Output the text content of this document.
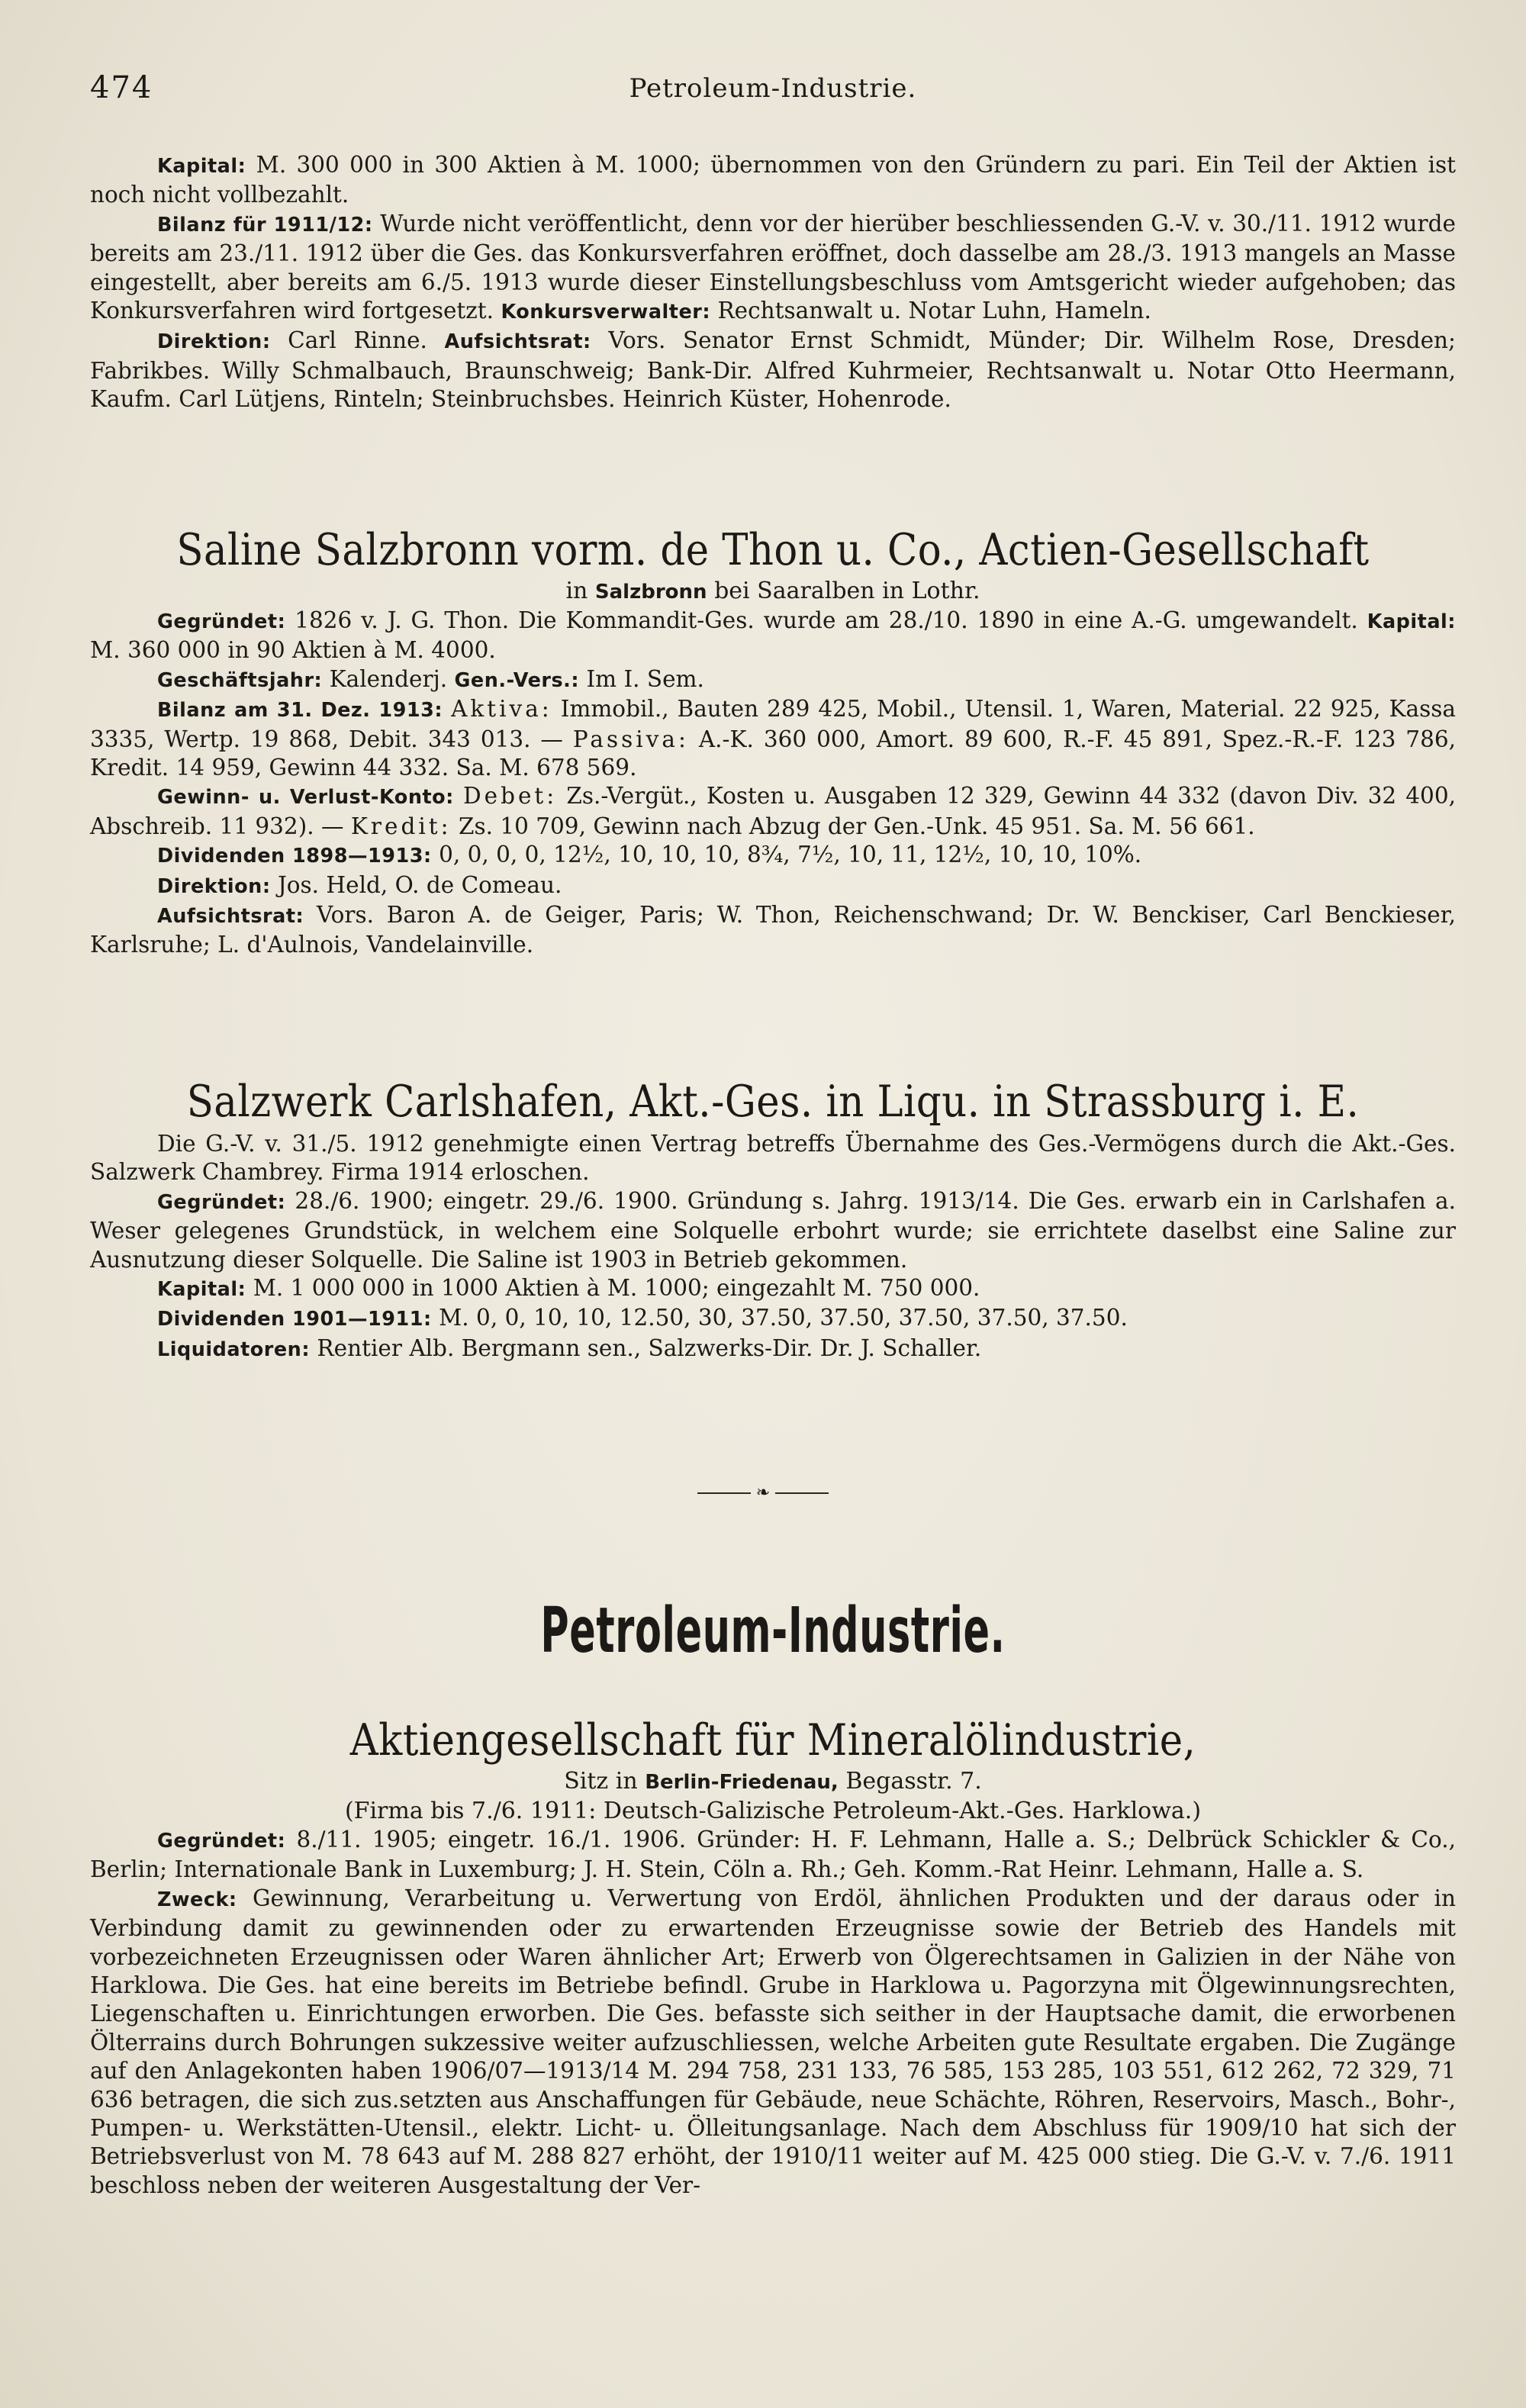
474	Petroleum-Industrie.

Kapital: M. 300 000 in 300 Aktien à M. 1000; übernommen von den Gründern zu pari. Ein Teil der Aktien ist noch nicht vollbezahlt.

Bilanz für 1911/12: Wurde nicht veröffentlicht, denn vor der hierüber beschliessenden G.-V. v. 30./11. 1912 wurde bereits am 23./11. 1912 über die Ges. das Konkursverfahren eröffnet, doch dasselbe am 28./3. 1913 mangels an Masse eingestellt, aber bereits am 6./5. 1913 wurde dieser Einstellungsbeschluss vom Amtsgericht wieder aufgehoben; das Konkursverfahren wird fortgesetzt. Konkursverwalter: Rechtsanwalt u. Notar Luhn, Hameln.

Direktion: Carl Rinne. Aufsichtsrat: Vors. Senator Ernst Schmidt, Münder; Dir. Wilhelm Rose, Dresden; Fabrikbes. Willy Schmalbauch, Braunschweig; Bank-Dir. Alfred Kuhrmeier, Rechtsanwalt u. Notar Otto Heermann, Kaufm. Carl Lütjens, Rinteln; Steinbruchsbes. Heinrich Küster, Hohenrode.

Saline Salzbronn vorm. de Thon u. Co., Actien-Gesellschaft

in Salzbronn bei Saaralben in Lothr.

Gegründet: 1826 v. J. G. Thon. Die Kommandit-Ges. wurde am 28./10. 1890 in eine A.-G. umgewandelt. Kapital: M. 360 000 in 90 Aktien à M. 4000.

Geschäftsjahr: Kalenderj. Gen.-Vers.: Im I. Sem.

Bilanz am 31. Dez. 1913: Aktiva: Immobil., Bauten 289 425, Mobil., Utensil. 1, Waren, Material. 22 925, Kassa 3335, Wertp. 19 868, Debit. 343 013. — Passiva: A.-K. 360 000, Amort. 89 600, R.-F. 45 891, Spez.-R.-F. 123 786, Kredit. 14 959, Gewinn 44 332. Sa. M. 678 569.

Gewinn- u. Verlust-Konto: Debet: Zs.-Vergüt., Kosten u. Ausgaben 12 329, Gewinn 44 332 (davon Div. 32 400, Abschreib. 11 932). — Kredit: Zs. 10 709, Gewinn nach Abzug der Gen.-Unk. 45 951. Sa. M. 56 661.

Dividenden 1898—1913: 0, 0, 0, 0, 12½, 10, 10, 10, 8¾, 7½, 10, 11, 12½, 10, 10, 10%.

Direktion: Jos. Held, O. de Comeau.

Aufsichtsrat: Vors. Baron A. de Geiger, Paris; W. Thon, Reichenschwand; Dr. W. Benckiser, Carl Benckieser, Karlsruhe; L. d'Aulnois, Vandelainville.

Salzwerk Carlshafen, Akt.-Ges. in Liqu. in Strassburg i. E.

Die G.-V. v. 31./5. 1912 genehmigte einen Vertrag betreffs Übernahme des Ges.-Vermögens durch die Akt.-Ges. Salzwerk Chambrey. Firma 1914 erloschen.

Gegründet: 28./6. 1900; eingetr. 29./6. 1900. Gründung s. Jahrg. 1913/14. Die Ges. erwarb ein in Carlshafen a. Weser gelegenes Grundstück, in welchem eine Solquelle erbohrt wurde; sie errichtete daselbst eine Saline zur Ausnutzung dieser Solquelle. Die Saline ist 1903 in Betrieb gekommen.

Kapital: M. 1 000 000 in 1000 Aktien à M. 1000; eingezahlt M. 750 000.

Dividenden 1901—1911: M. 0, 0, 10, 10, 12.50, 30, 37.50, 37.50, 37.50, 37.50, 37.50.

Liquidatoren: Rentier Alb. Bergmann sen., Salzwerks-Dir. Dr. J. Schaller.

❧
Petroleum-Industrie.
Aktiengesellschaft für Mineralölindustrie,

Sitz in Berlin-Friedenau, Begasstr. 7.

(Firma bis 7./6. 1911: Deutsch-Galizische Petroleum-Akt.-Ges. Harklowa.)

Gegründet: 8./11. 1905; eingetr. 16./1. 1906. Gründer: H. F. Lehmann, Halle a. S.; Delbrück Schickler & Co., Berlin; Internationale Bank in Luxemburg; J. H. Stein, Cöln a. Rh.; Geh. Komm.-Rat Heinr. Lehmann, Halle a. S.

Zweck: Gewinnung, Verarbeitung u. Verwertung von Erdöl, ähnlichen Produkten und der daraus oder in Verbindung damit zu gewinnenden oder zu erwartenden Erzeugnisse sowie der Betrieb des Handels mit vorbezeichneten Erzeugnissen oder Waren ähnlicher Art; Erwerb von Ölgerechtsamen in Galizien in der Nähe von Harklowa. Die Ges. hat eine bereits im Betriebe befindl. Grube in Harklowa u. Pagorzyna mit Ölgewinnungsrechten, Liegenschaften u. Einrichtungen erworben. Die Ges. befasste sich seither in der Hauptsache damit, die erworbenen Ölterrains durch Bohrungen sukzessive weiter aufzuschliessen, welche Arbeiten gute Resultate ergaben. Die Zugänge auf den Anlagekonten haben 1906/07—1913/14 M. 294 758, 231 133, 76 585, 153 285, 103 551, 612 262, 72 329, 71 636 betragen, die sich zus.setzten aus Anschaffungen für Gebäude, neue Schächte, Röhren, Reservoirs, Masch., Bohr-, Pumpen- u. Werkstätten-Utensil., elektr. Licht- u. Ölleitungsanlage. Nach dem Abschluss für 1909/10 hat sich der Betriebsverlust von M. 78 643 auf M. 288 827 erhöht, der 1910/11 weiter auf M. 425 000 stieg. Die G.-V. v. 7./6. 1911 beschloss neben der weiteren Ausgestaltung der Ver-
